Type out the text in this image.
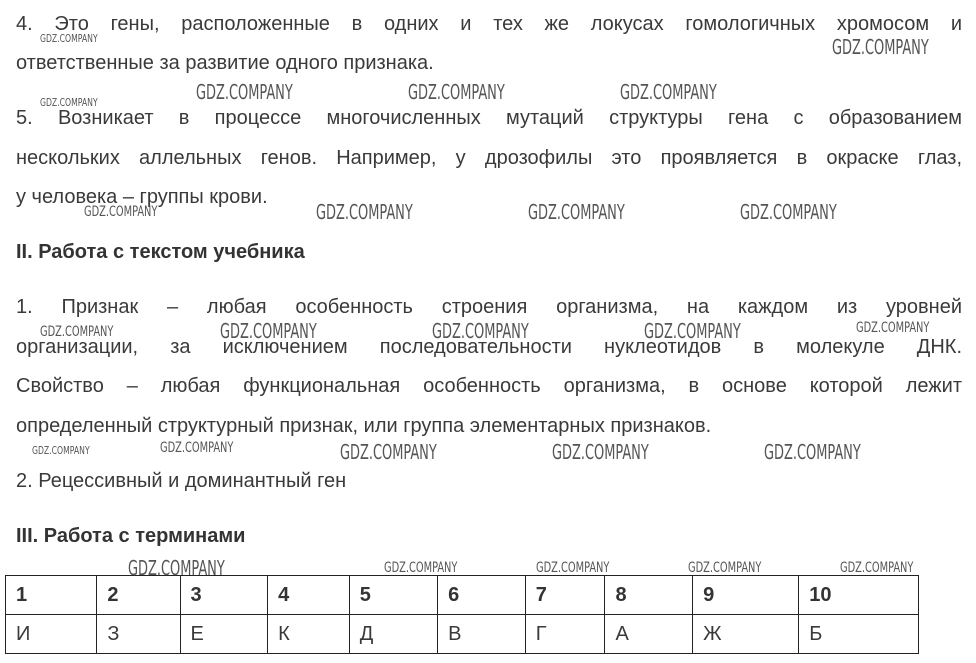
4. Это гены, расположенные в одних и тех же локусах гомологичных хромосом и
ответственные за развитие одного признака.
5. Возникает в процессе многочисленных мутаций структуры гена с образованием
нескольких аллельных генов. Например, у дрозофилы это проявляется в окраске глаз,
у человека – группы крови.
II. Работа с текстом учебника
1. Признак – любая особенность строения организма, на каждом из уровней
организации, за исключением последовательности нуклеотидов в молекуле ДНК.
Свойство – любая функциональная особенность организма, в основе которой лежит
определенный структурный признак, или группа элементарных признаков.
2. Рецессивный и доминантный ген
III. Работа с терминами
1	2	3	4	5	6	7	8	9	10
И	З	Е	К	Д	В	Г	А	Ж	Б
GDZ.COMPANY	GDZ.COMPANY
GDZ.COMPANY	GDZ.COMPANY	GDZ.COMPANY	GDZ.COMPANY
GDZ.COMPANY	GDZ.COMPANY	GDZ.COMPANY	GDZ.COMPANY
GDZ.COMPANY	GDZ.COMPANY	GDZ.COMPANY	GDZ.COMPANY	GDZ.COMPANY
GDZ.COMPANY	GDZ.COMPANY	GDZ.COMPANY	GDZ.COMPANY	GDZ.COMPANY
GDZ.COMPANY	GDZ.COMPANY	GDZ.COMPANY	GDZ.COMPANY	GDZ.COMPANY
